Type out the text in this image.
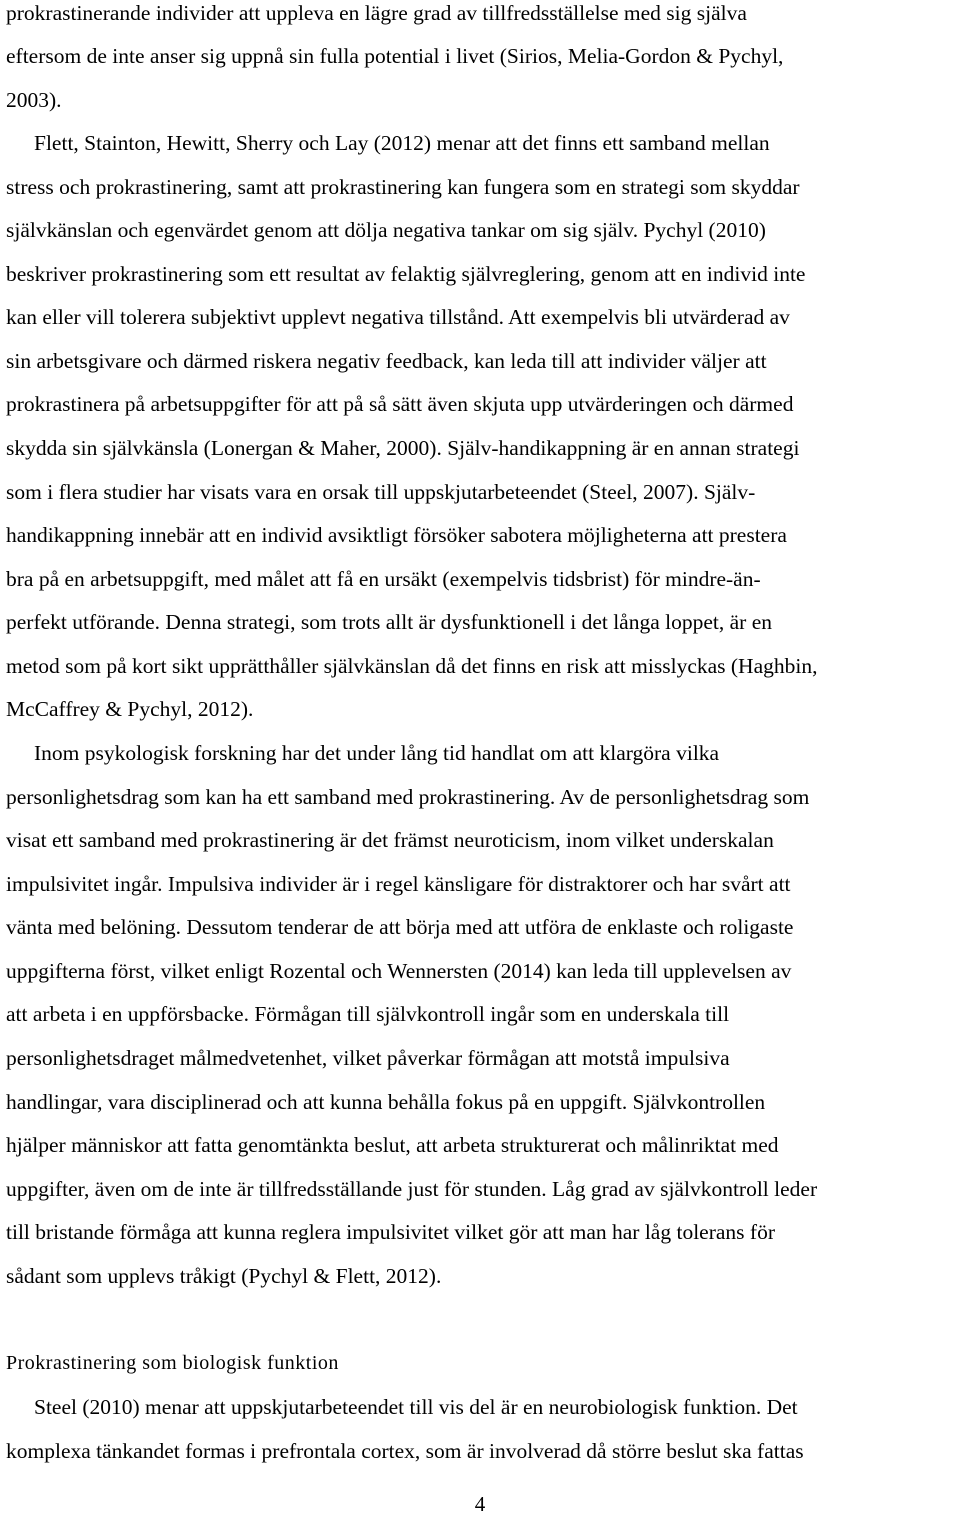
prokrastinerande individer att uppleva en lägre grad av tillfredsställelse med sig själva
eftersom de inte anser sig uppnå sin fulla potential i livet (Sirios, Melia-Gordon & Pychyl,
2003).
Flett, Stainton, Hewitt, Sherry och Lay (2012) menar att det finns ett samband mellan
stress och prokrastinering, samt att prokrastinering kan fungera som en strategi som skyddar
självkänslan och egenvärdet genom att dölja negativa tankar om sig själv. Pychyl (2010)
beskriver prokrastinering som ett resultat av felaktig självreglering, genom att en individ inte
kan eller vill tolerera subjektivt upplevt negativa tillstånd. Att exempelvis bli utvärderad av
sin arbetsgivare och därmed riskera negativ feedback, kan leda till att individer väljer att
prokrastinera på arbetsuppgifter för att på så sätt även skjuta upp utvärderingen och därmed
skydda sin självkänsla (Lonergan & Maher, 2000). Själv-handikappning är en annan strategi
som i flera studier har visats vara en orsak till uppskjutarbeteendet (Steel, 2007). Själv-
handikappning innebär att en individ avsiktligt försöker sabotera möjligheterna att prestera
bra på en arbetsuppgift, med målet att få en ursäkt (exempelvis tidsbrist) för mindre-än-
perfekt utförande. Denna strategi, som trots allt är dysfunktionell i det långa loppet, är en
metod som på kort sikt upprätthåller självkänslan då det finns en risk att misslyckas (Haghbin,
McCaffrey & Pychyl, 2012).
Inom psykologisk forskning har det under lång tid handlat om att klargöra vilka
personlighetsdrag som kan ha ett samband med prokrastinering. Av de personlighetsdrag som
visat ett samband med prokrastinering är det främst neuroticism, inom vilket underskalan
impulsivitet ingår. Impulsiva individer är i regel känsligare för distraktorer och har svårt att
vänta med belöning. Dessutom tenderar de att börja med att utföra de enklaste och roligaste
uppgifterna först, vilket enligt Rozental och Wennersten (2014) kan leda till upplevelsen av
att arbeta i en uppförsbacke. Förmågan till självkontroll ingår som en underskala till
personlighetsdraget målmedvetenhet, vilket påverkar förmågan att motstå impulsiva
handlingar, vara disciplinerad och att kunna behålla fokus på en uppgift. Självkontrollen
hjälper människor att fatta genomtänkta beslut, att arbeta strukturerat och målinriktat med
uppgifter, även om de inte är tillfredsställande just för stunden. Låg grad av självkontroll leder
till bristande förmåga att kunna reglera impulsivitet vilket gör att man har låg tolerans för
sådant som upplevs tråkigt (Pychyl & Flett, 2012).
Prokrastinering som biologisk funktion
Steel (2010) menar att uppskjutarbeteendet till vis del är en neurobiologisk funktion. Det
komplexa tänkandet formas i prefrontala cortex, som är involverad då större beslut ska fattas
4
